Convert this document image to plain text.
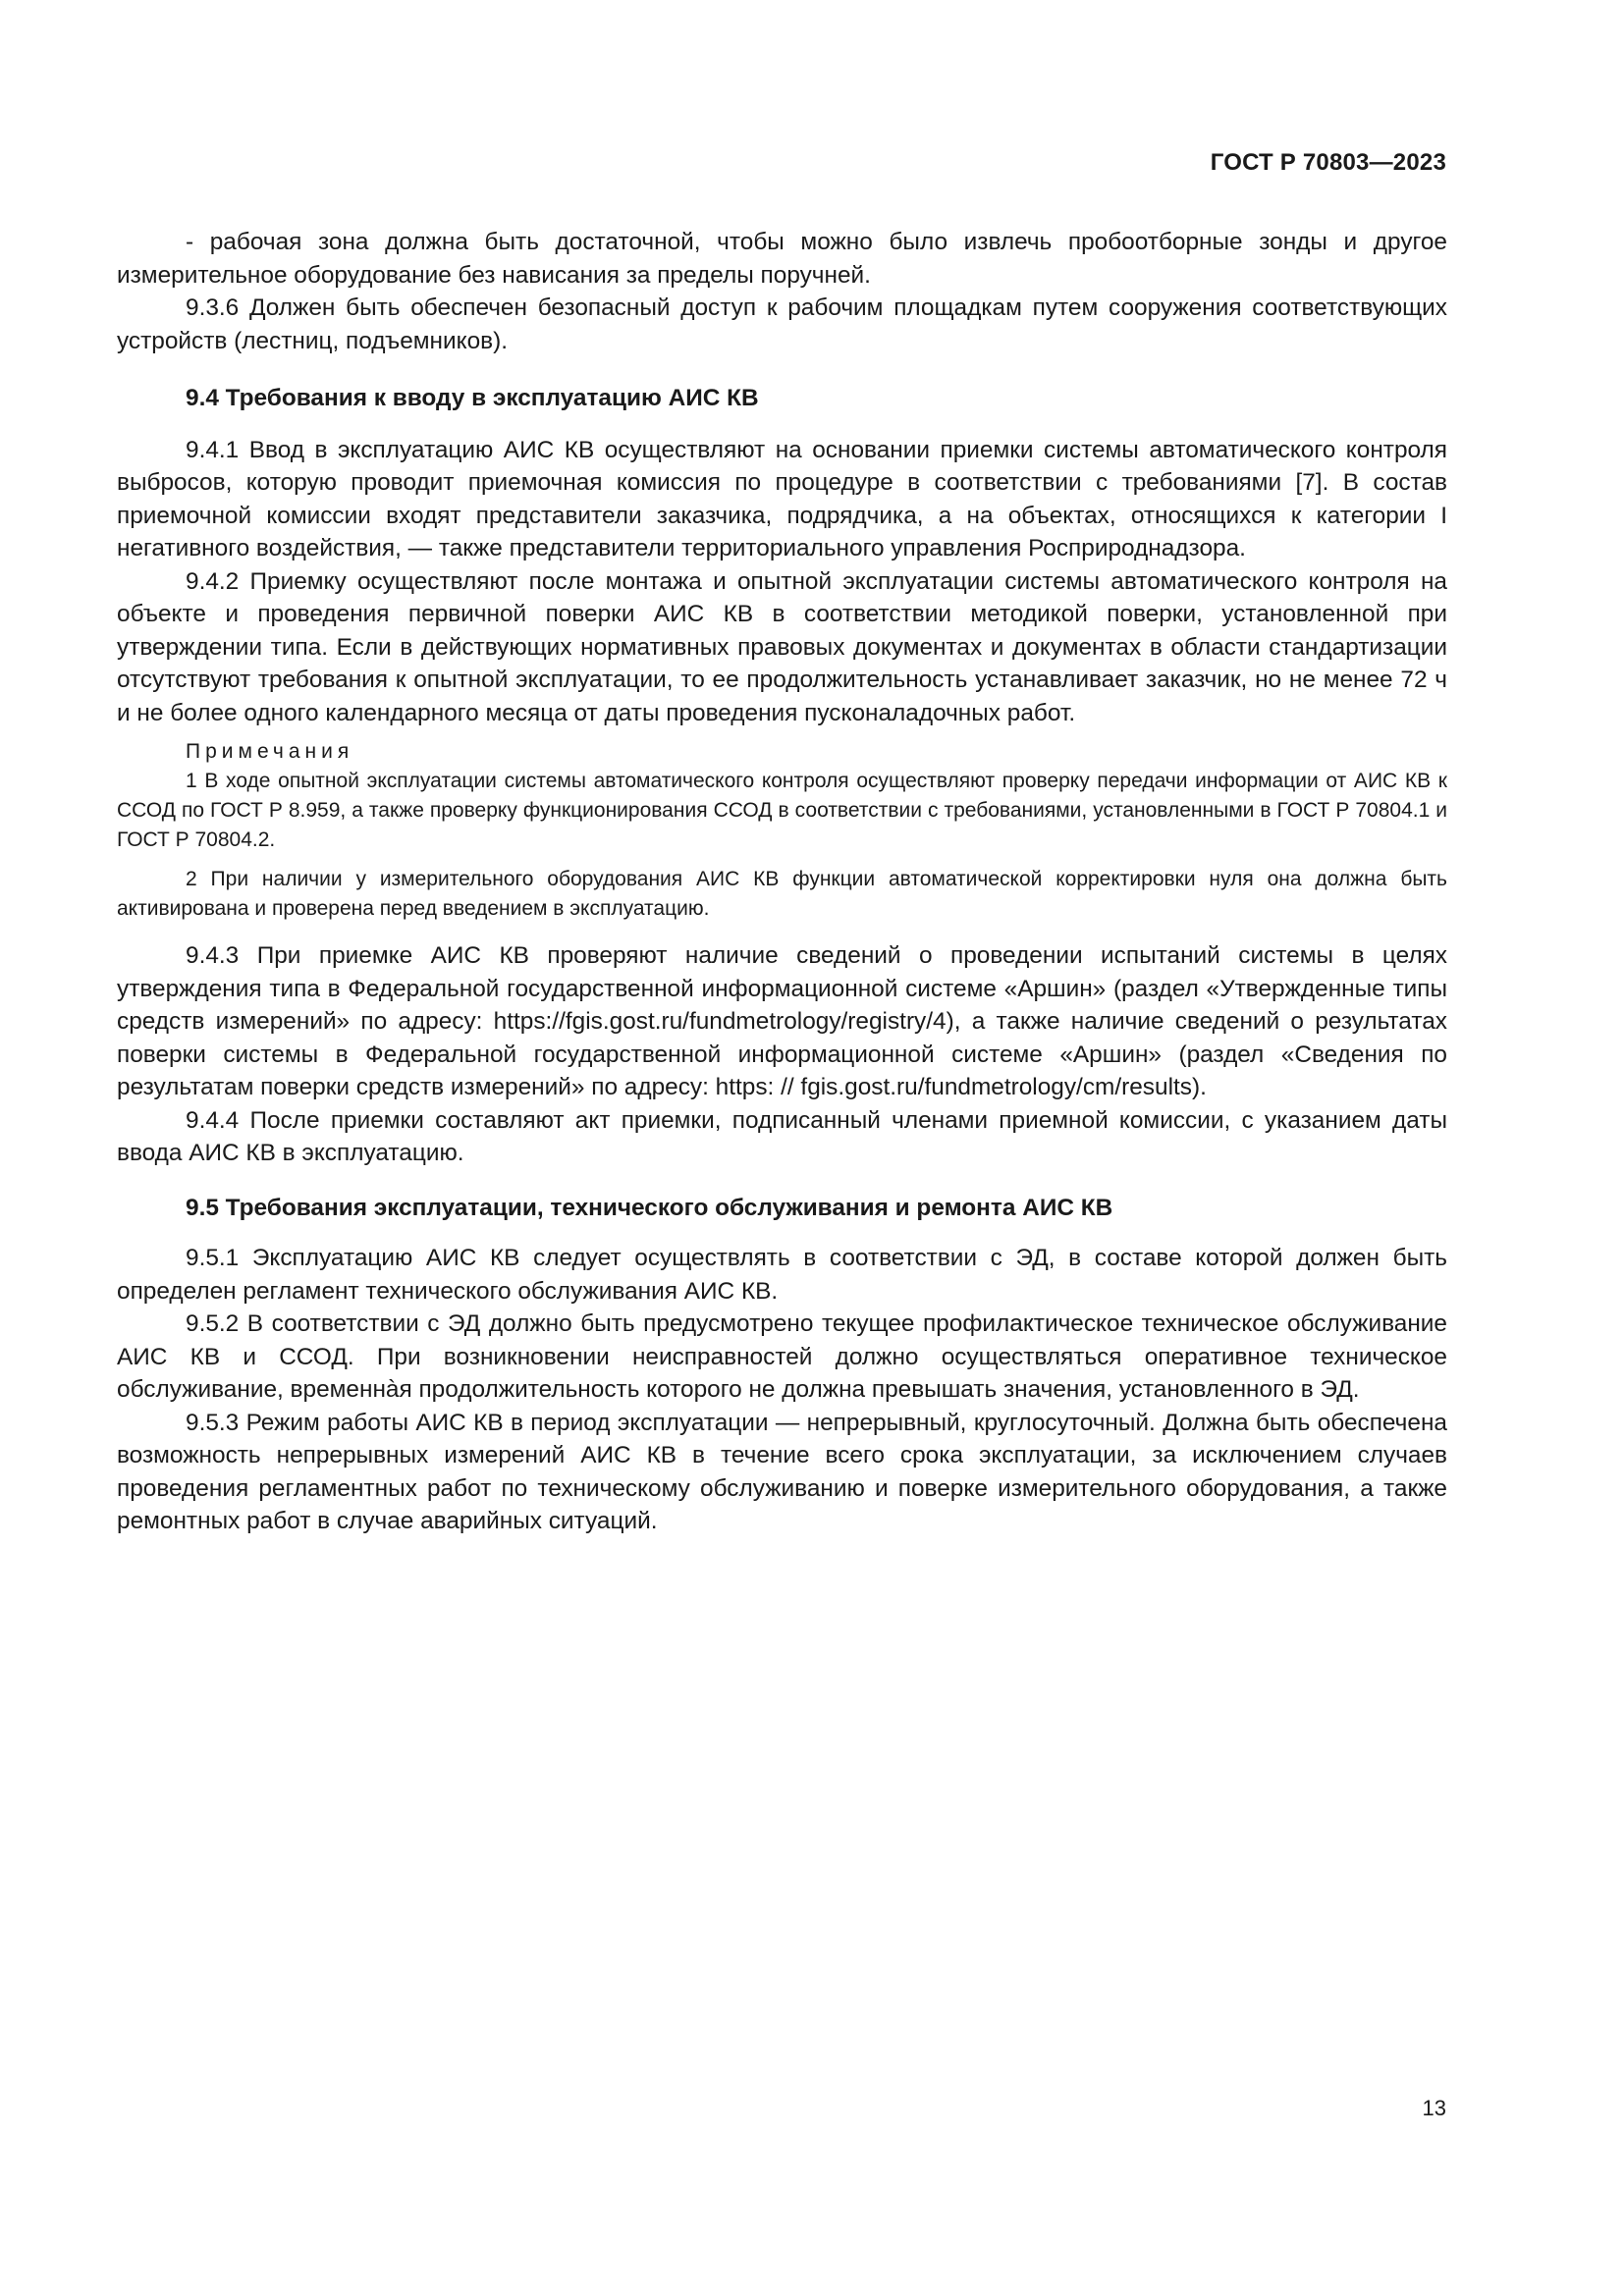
ГОСТ Р 70803—2023

- рабочая зона должна быть достаточной, чтобы можно было извлечь пробоотборные зонды и другое измерительное оборудование без нависания за пределы поручней.

9.3.6 Должен быть обеспечен безопасный доступ к рабочим площадкам путем сооружения соответствующих устройств (лестниц, подъемников).

9.4 Требования к вводу в эксплуатацию АИС КВ

9.4.1 Ввод в эксплуатацию АИС КВ осуществляют на основании приемки системы автоматического контроля выбросов, которую проводит приемочная комиссия по процедуре в соответствии с требованиями [7]. В состав приемочной комиссии входят представители заказчика, подрядчика, а на объектах, относящихся к категории I негативного воздействия, — также представители территориального управления Росприроднадзора.

9.4.2 Приемку осуществляют после монтажа и опытной эксплуатации системы автоматического контроля на объекте и проведения первичной поверки АИС КВ в соответствии методикой поверки, установленной при утверждении типа. Если в действующих нормативных правовых документах и документах в области стандартизации отсутствуют требования к опытной эксплуатации, то ее продолжительность устанавливает заказчик, но не менее 72 ч и не более одного календарного месяца от даты проведения пусконаладочных работ.

Примечания

1 В ходе опытной эксплуатации системы автоматического контроля осуществляют проверку передачи информации от АИС КВ к ССОД по ГОСТ Р 8.959, а также проверку функционирования ССОД в соответствии с требованиями, установленными в ГОСТ Р 70804.1 и ГОСТ Р 70804.2.

2 При наличии у измерительного оборудования АИС КВ функции автоматической корректировки нуля она должна быть активирована и проверена перед введением в эксплуатацию.

9.4.3 При приемке АИС КВ проверяют наличие сведений о проведении испытаний системы в целях утверждения типа в Федеральной государственной информационной системе «Аршин» (раздел «Утвержденные типы средств измерений» по адресу: https://fgis.gost.ru/fundmetrology/registry/4), а также наличие сведений о результатах поверки системы в Федеральной государственной информационной системе «Аршин» (раздел «Сведения по результатам поверки средств измерений» по адресу: https: // fgis.gost.ru/fundmetrology/cm/results).

9.4.4 После приемки составляют акт приемки, подписанный членами приемной комиссии, с указанием даты ввода АИС КВ в эксплуатацию.

9.5 Требования эксплуатации, технического обслуживания и ремонта АИС КВ

9.5.1 Эксплуатацию АИС КВ следует осуществлять в соответствии с ЭД, в составе которой должен быть определен регламент технического обслуживания АИС КВ.

9.5.2 В соответствии с ЭД должно быть предусмотрено текущее профилактическое техническое обслуживание АИС КВ и ССОД. При возникновении неисправностей должно осуществляться оперативное техническое обслуживание, временнàя продолжительность которого не должна превышать значения, установленного в ЭД.

9.5.3 Режим работы АИС КВ в период эксплуатации — непрерывный, круглосуточный. Должна быть обеспечена возможность непрерывных измерений АИС КВ в течение всего срока эксплуатации, за исключением случаев проведения регламентных работ по техническому обслуживанию и поверке измерительного оборудования, а также ремонтных работ в случае аварийных ситуаций.

13
